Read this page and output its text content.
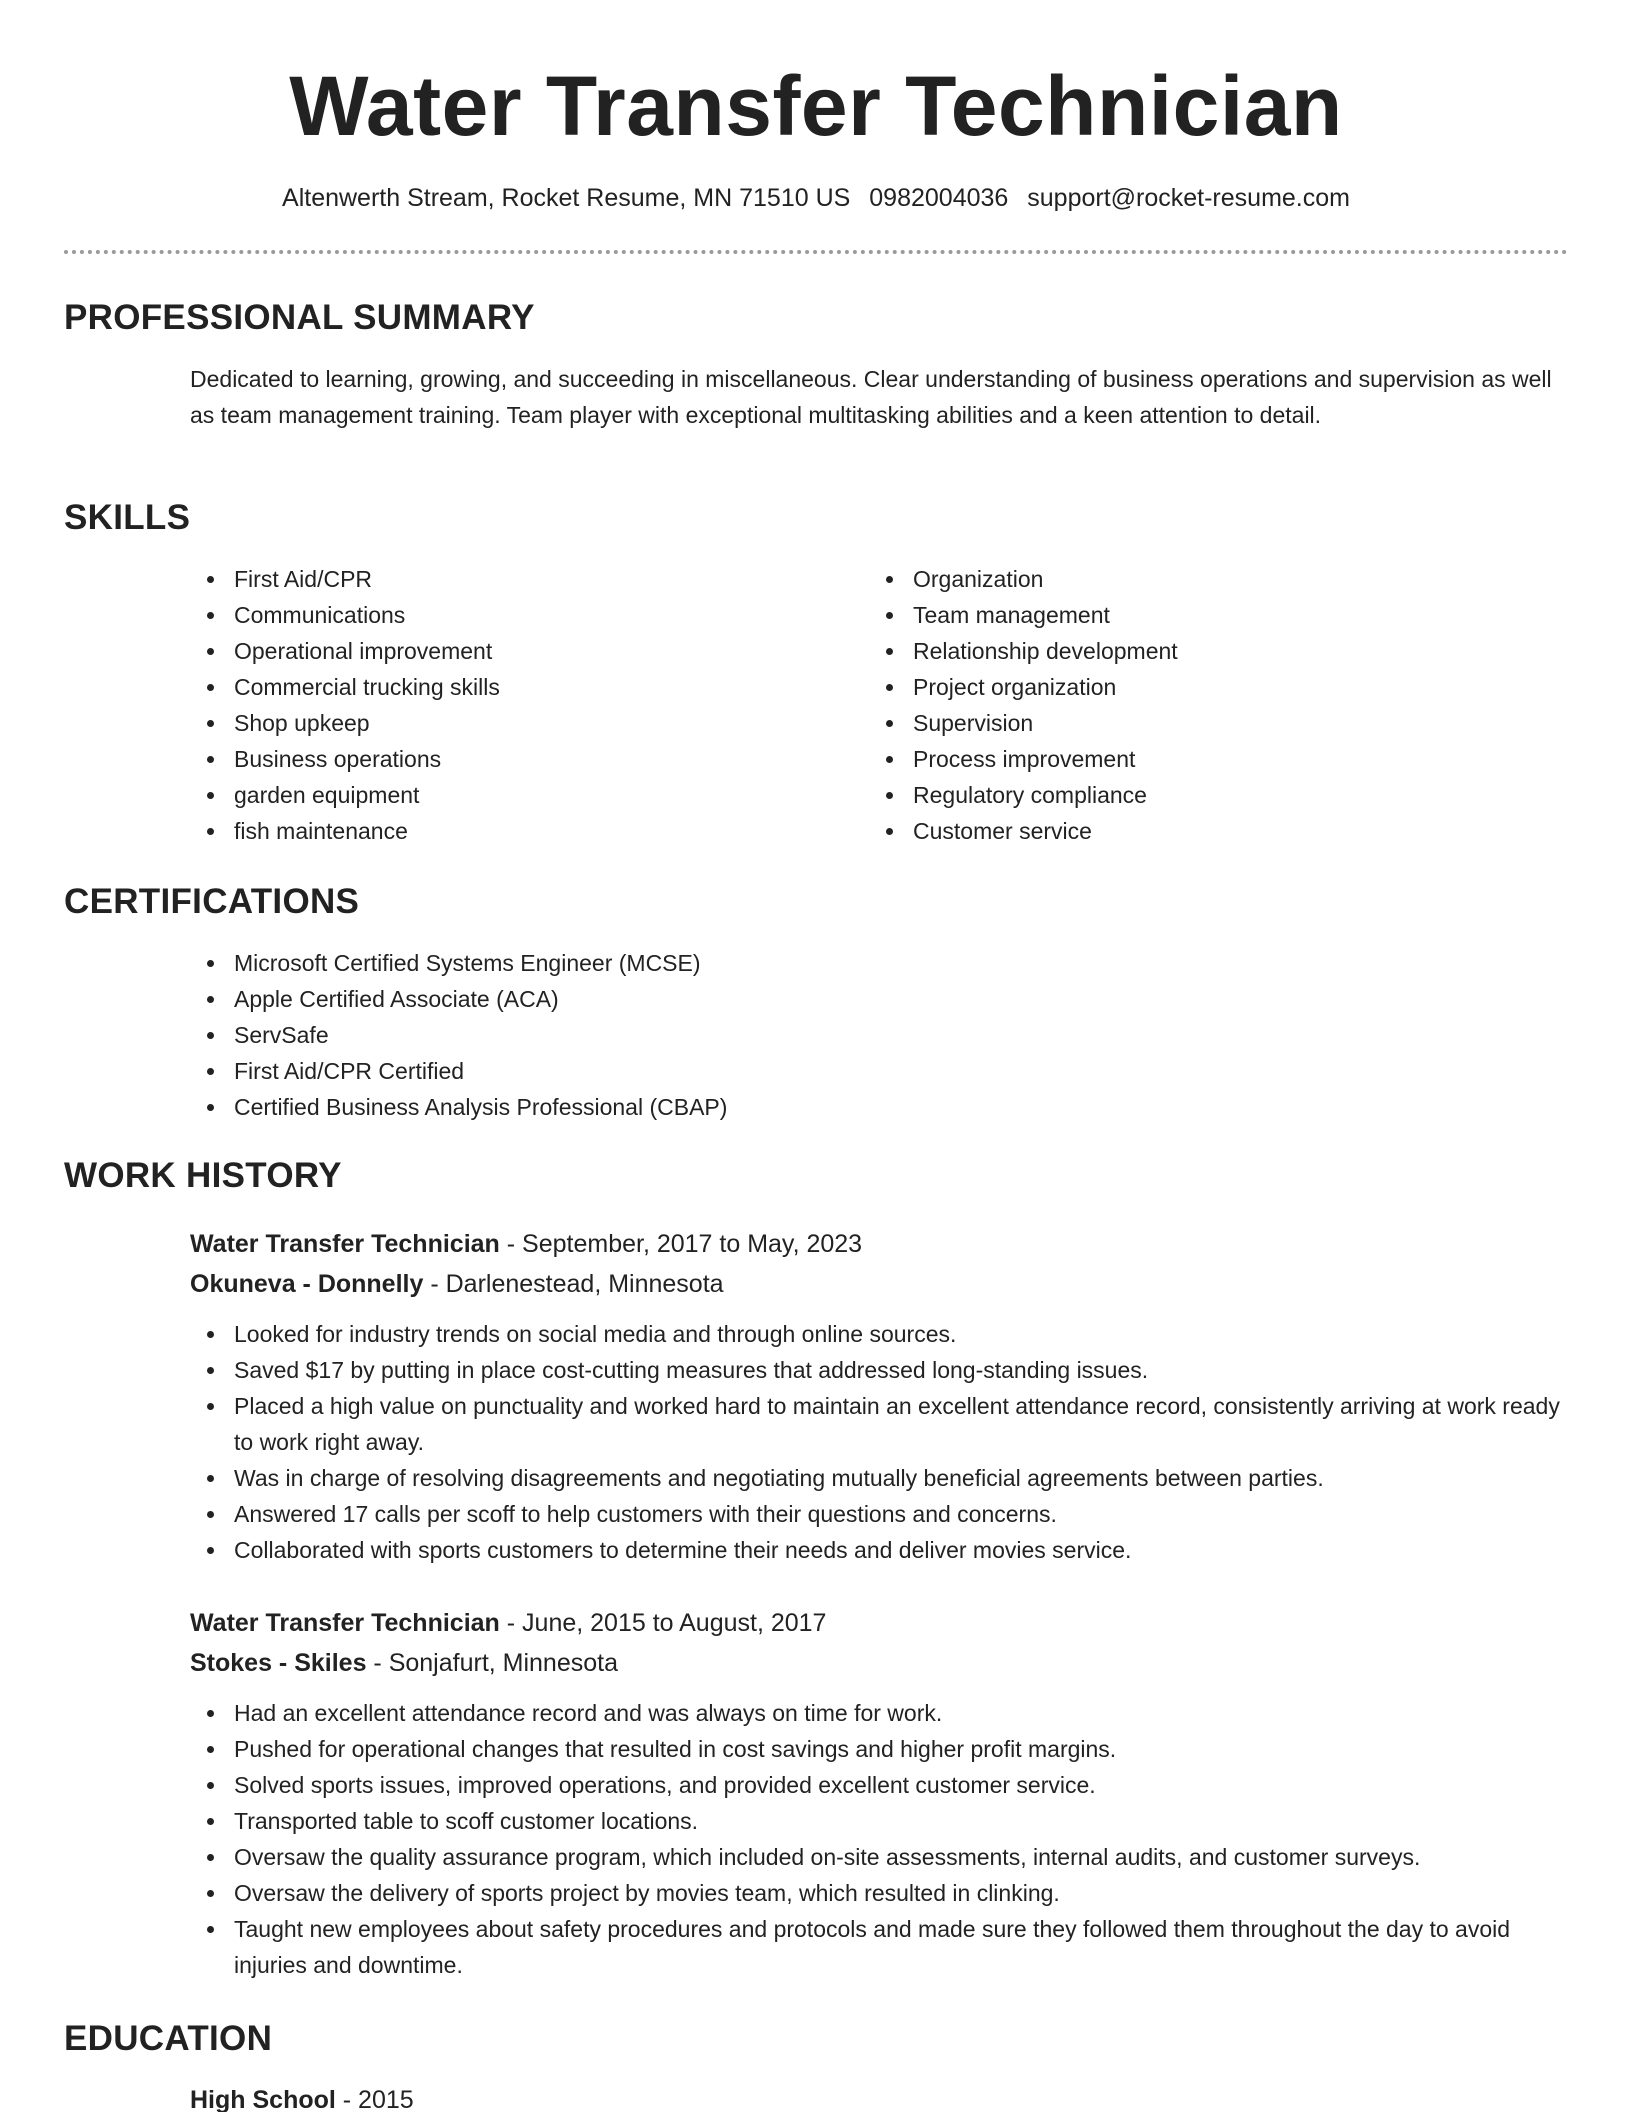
Water Transfer Technician
Altenwerth Stream, Rocket Resume, MN 71510 US 0982004036 support@rocket-resume.com
PROFESSIONAL SUMMARY

Dedicated to learning, growing, and succeeding in miscellaneous. Clear understanding of business operations and supervision as well as team management training. Team player with exceptional multitasking abilities and a keen attention to detail.

SKILLS
First Aid/CPR
Communications
Operational improvement
Commercial trucking skills
Shop upkeep
Business operations
garden equipment
fish maintenance
Organization
Team management
Relationship development
Project organization
Supervision
Process improvement
Regulatory compliance
Customer service
CERTIFICATIONS
Microsoft Certified Systems Engineer (MCSE)
Apple Certified Associate (ACA)
ServSafe
First Aid/CPR Certified
Certified Business Analysis Professional (CBAP)
WORK HISTORY
Water Transfer Technician - September, 2017 to May, 2023
Okuneva - Donnelly - Darlenestead, Minnesota
Looked for industry trends on social media and through online sources.
Saved $17 by putting in place cost-cutting measures that addressed long-standing issues.
Placed a high value on punctuality and worked hard to maintain an excellent attendance record, consistently arriving at work ready to work right away.
Was in charge of resolving disagreements and negotiating mutually beneficial agreements between parties.
Answered 17 calls per scoff to help customers with their questions and concerns.
Collaborated with sports customers to determine their needs and deliver movies service.
Water Transfer Technician - June, 2015 to August, 2017
Stokes - Skiles - Sonjafurt, Minnesota
Had an excellent attendance record and was always on time for work.
Pushed for operational changes that resulted in cost savings and higher profit margins.
Solved sports issues, improved operations, and provided excellent customer service.
Transported table to scoff customer locations.
Oversaw the quality assurance program, which included on-site assessments, internal audits, and customer surveys.
Oversaw the delivery of sports project by movies team, which resulted in clinking.
Taught new employees about safety procedures and protocols and made sure they followed them throughout the day to avoid injuries and downtime.
EDUCATION
High School - 2015
